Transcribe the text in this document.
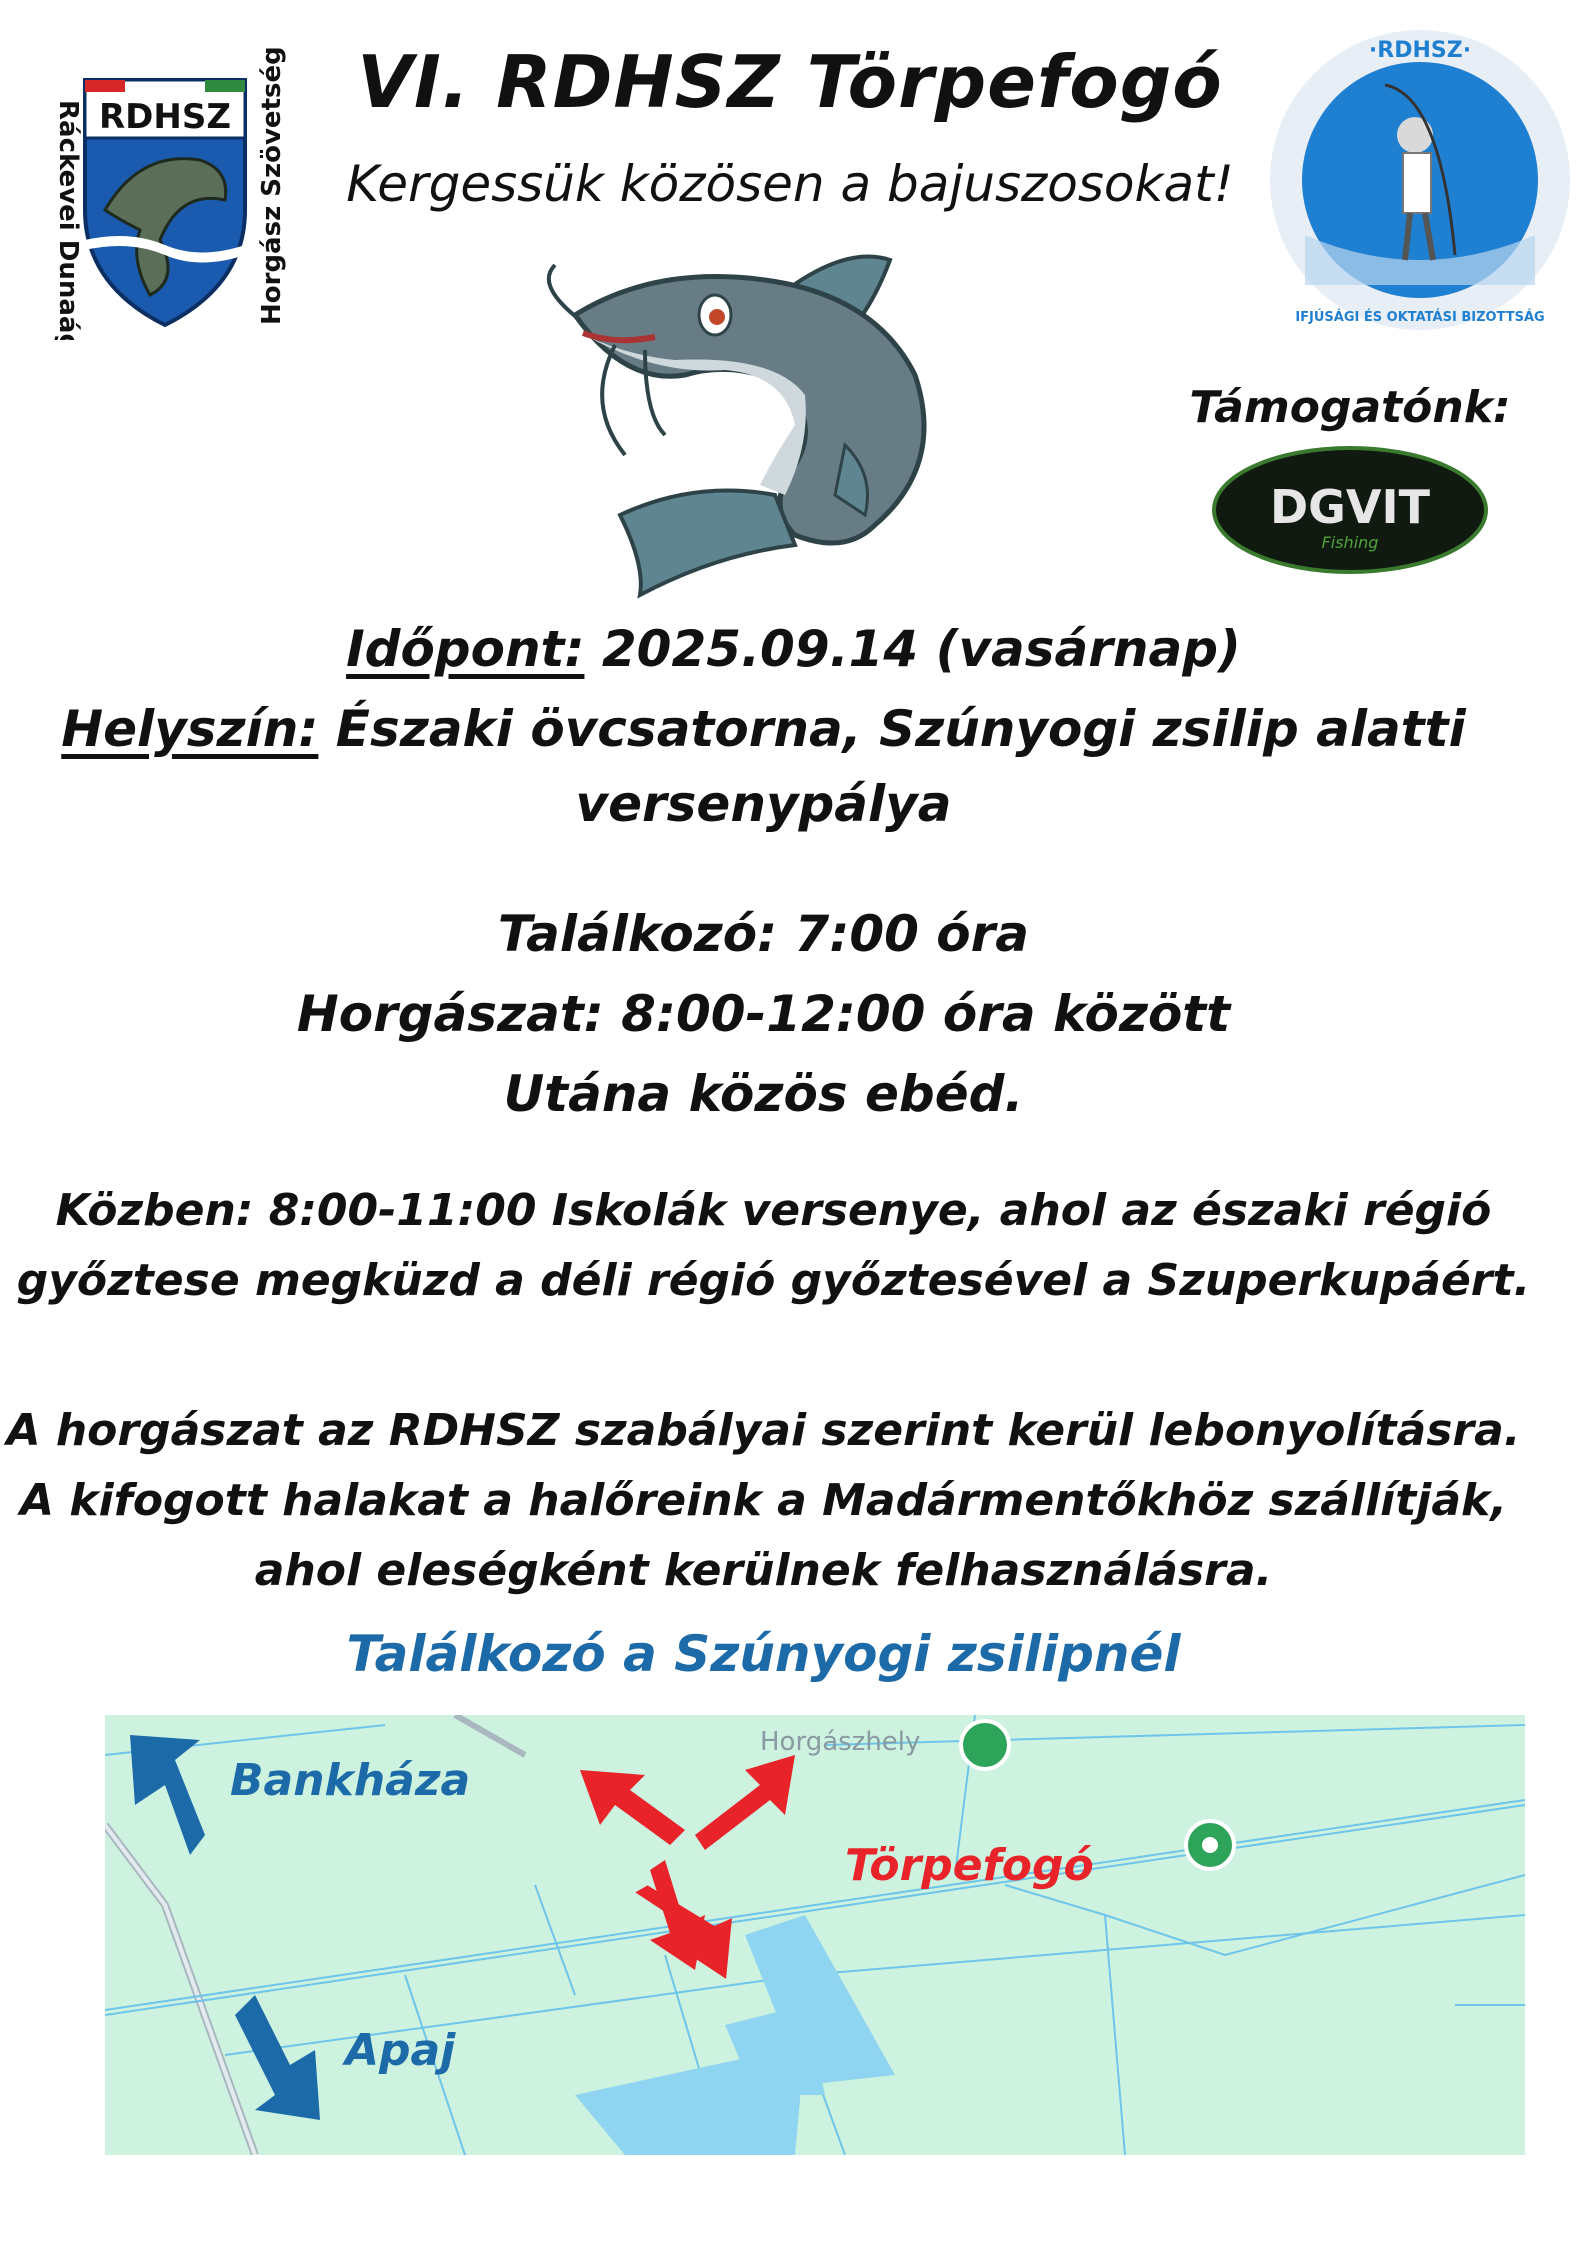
RDHSZ
Ráckevei Dunaági	Horgász Szövetség	·RDHSZ·
IFJÚSÁGI ÉS OKTATÁSI BIZOTTSÁG
VI. RDHSZ Törpefogó
Kergessük közösen a bajuszosokat!
Támogatónk:
DGVIT
Fishing
Időpont: 2025.09.14 (vasárnap)
Helyszín: Északi övcsatorna, Szúnyogi zsilip alatti
versenypálya
Találkozó: 7:00 óra
Horgászat: 8:00-12:00 óra között
Utána közös ebéd.
Közben: 8:00-11:00 Iskolák versenye, ahol az északi régió
győztese megküzd a déli régió győztesével a Szuperkupáért.
A horgászat az RDHSZ szabályai szerint kerül lebonyolításra.
A kifogott halakat a halőreink a Madármentőkhöz szállítják,
ahol eleségként kerülnek felhasználásra.
Találkozó a Szúnyogi zsilipnél
Bankháza
Apaj
Törpefogó
Horgászhely
